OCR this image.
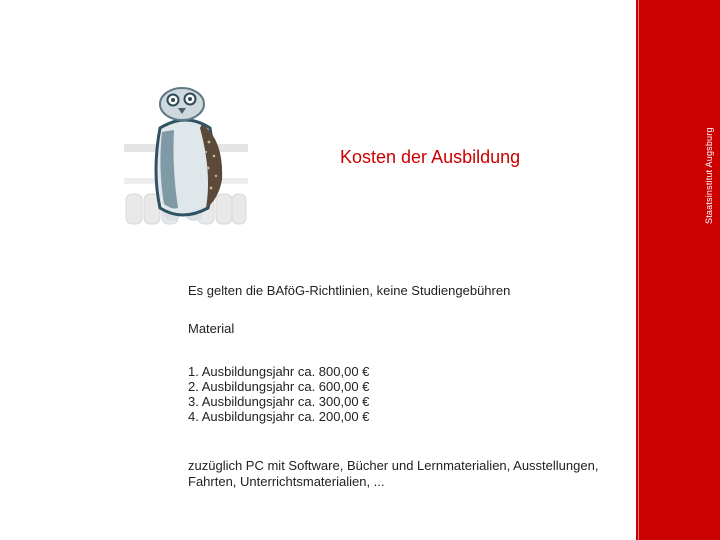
Staatsinstitut Augsburg
Kosten der Ausbildung
Es gelten die BAföG-Richtlinien, keine Studiengebühren
Material
1. Ausbildungsjahr ca. 800,00 €
2. Ausbildungsjahr ca. 600,00 €
3. Ausbildungsjahr ca. 300,00 €
4. Ausbildungsjahr ca. 200,00 €
zuzüglich PC mit Software, Bücher und Lernmaterialien, Ausstellungen, Fahrten, Unterrichtsmaterialien, ...
